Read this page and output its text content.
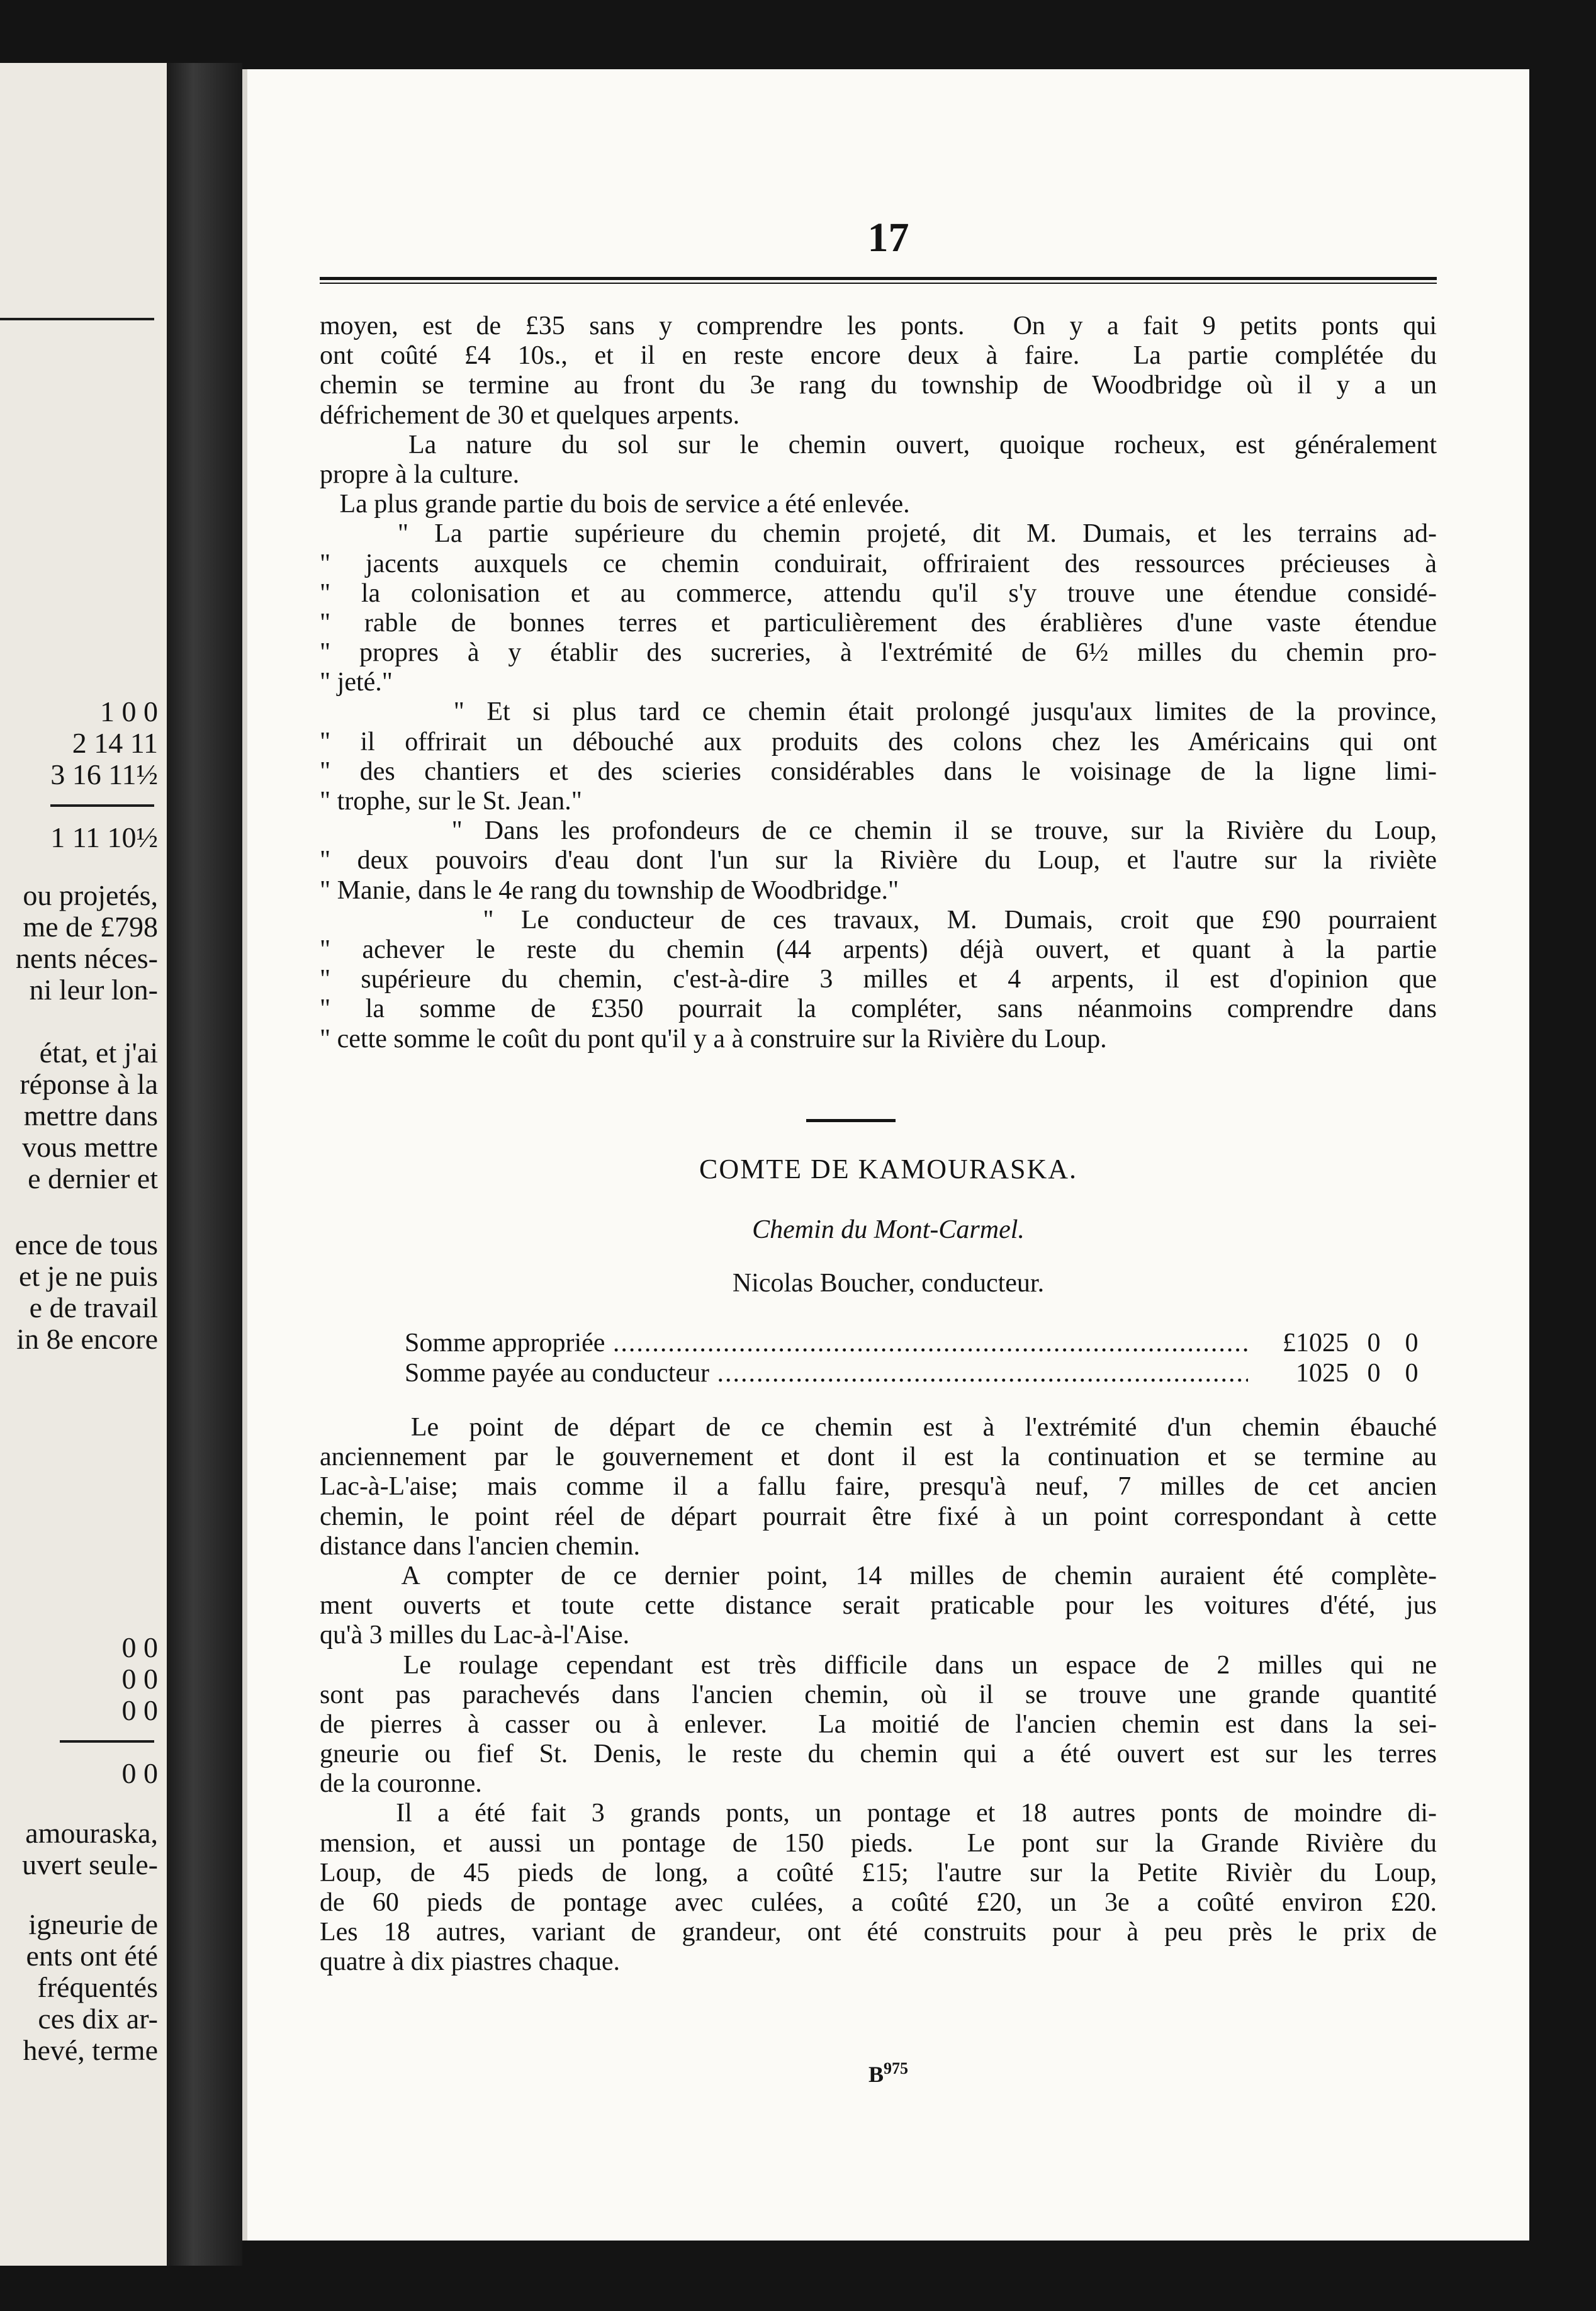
1 0 0
2 14 11
3 16 11½
1 11 10½
ou projetés,
me de £798
nents néces-
ni leur lon-
état, et j'ai
réponse à la
mettre dans
vous mettre
e dernier et
ence de tous
et je ne puis
e de travail
in 8e encore
0 0
0 0
0 0
0 0
amouraska,
uvert seule-
igneurie de
ents ont été
fréquentés
ces dix ar-
hevé, terme
17
moyen, est de £35 sans y comprendre les ponts.  On y a fait 9 petits ponts qui
ont coûté £4 10s., et il en reste encore deux à faire.  La partie complétée du
chemin se termine au front du 3e rang du township de Woodbridge où il y a un
défrichement de 30 et quelques arpents.
La nature du sol sur le chemin ouvert, quoique rocheux, est généralement
propre à la culture.
La plus grande partie du bois de service a été enlevée.
" La partie supérieure du chemin projeté, dit M. Dumais, et les terrains ad-
" jacents auxquels ce chemin conduirait, offriraient des ressources précieuses à
" la colonisation et au commerce, attendu qu'il s'y trouve une étendue considé-
" rable de bonnes terres et particulièrement des érablières d'une vaste étendue
" propres à y établir des sucreries, à l'extrémité de 6½ milles du chemin pro-
" jeté."
" Et si plus tard ce chemin était prolongé jusqu'aux limites de la province,
" il offrirait un débouché aux produits des colons chez les Américains qui ont
" des chantiers et des scieries considérables dans le voisinage de la ligne limi-
" trophe, sur le St. Jean."
" Dans les profondeurs de ce chemin il se trouve, sur la Rivière du Loup,
" deux pouvoirs d'eau dont l'un sur la Rivière du Loup, et l'autre sur la riviète
" Manie, dans le 4e rang du township de Woodbridge."
" Le conducteur de ces travaux, M. Dumais, croit que £90 pourraient
" achever le reste du chemin (44 arpents) déjà ouvert, et quant à la partie
" supérieure du chemin, c'est-à-dire 3 milles et 4 arpents, il est d'opinion que
" la somme de £350 pourrait la compléter, sans néanmoins comprendre dans
" cette somme le coût du pont qu'il y a à construire sur la Rivière du Loup.
COMTE DE KAMOURASKA.
Chemin du Mont-Carmel.
Nicolas Boucher, conducteur.
Somme appropriée .....	£1025 0 0
Somme payée au conducteur .....	1025 0 0
Le point de départ de ce chemin est à l'extrémité d'un chemin ébauché
anciennement par le gouvernement et dont il est la continuation et se termine au
Lac-à-L'aise; mais comme il a fallu faire, presqu'à neuf, 7 milles de cet ancien
chemin, le point réel de départ pourrait être fixé à un point correspondant à cette
distance dans l'ancien chemin.
A compter de ce dernier point, 14 milles de chemin auraient été complète-
ment ouverts et toute cette distance serait praticable pour les voitures d'été, jus
qu'à 3 milles du Lac-à-l'Aise.
Le roulage cependant est très difficile dans un espace de 2 milles qui ne
sont pas parachevés dans l'ancien chemin, où il se trouve une grande quantité
de pierres à casser ou à enlever.  La moitié de l'ancien chemin est dans la sei-
gneurie ou fief St. Denis, le reste du chemin qui a été ouvert est sur les terres
de la couronne.
Il a été fait 3 grands ponts, un pontage et 18 autres ponts de moindre di-
mension, et aussi un pontage de 150 pieds.  Le pont sur la Grande Rivière du
Loup, de 45 pieds de long, a coûté £15; l'autre sur la Petite Rivièr du Loup,
de 60 pieds de pontage avec culées, a coûté £20, un 3e a coûté environ £20.
Les 18 autres, variant de grandeur, ont été construits pour à peu près le prix de
quatre à dix piastres chaque.
$B^{975}$
